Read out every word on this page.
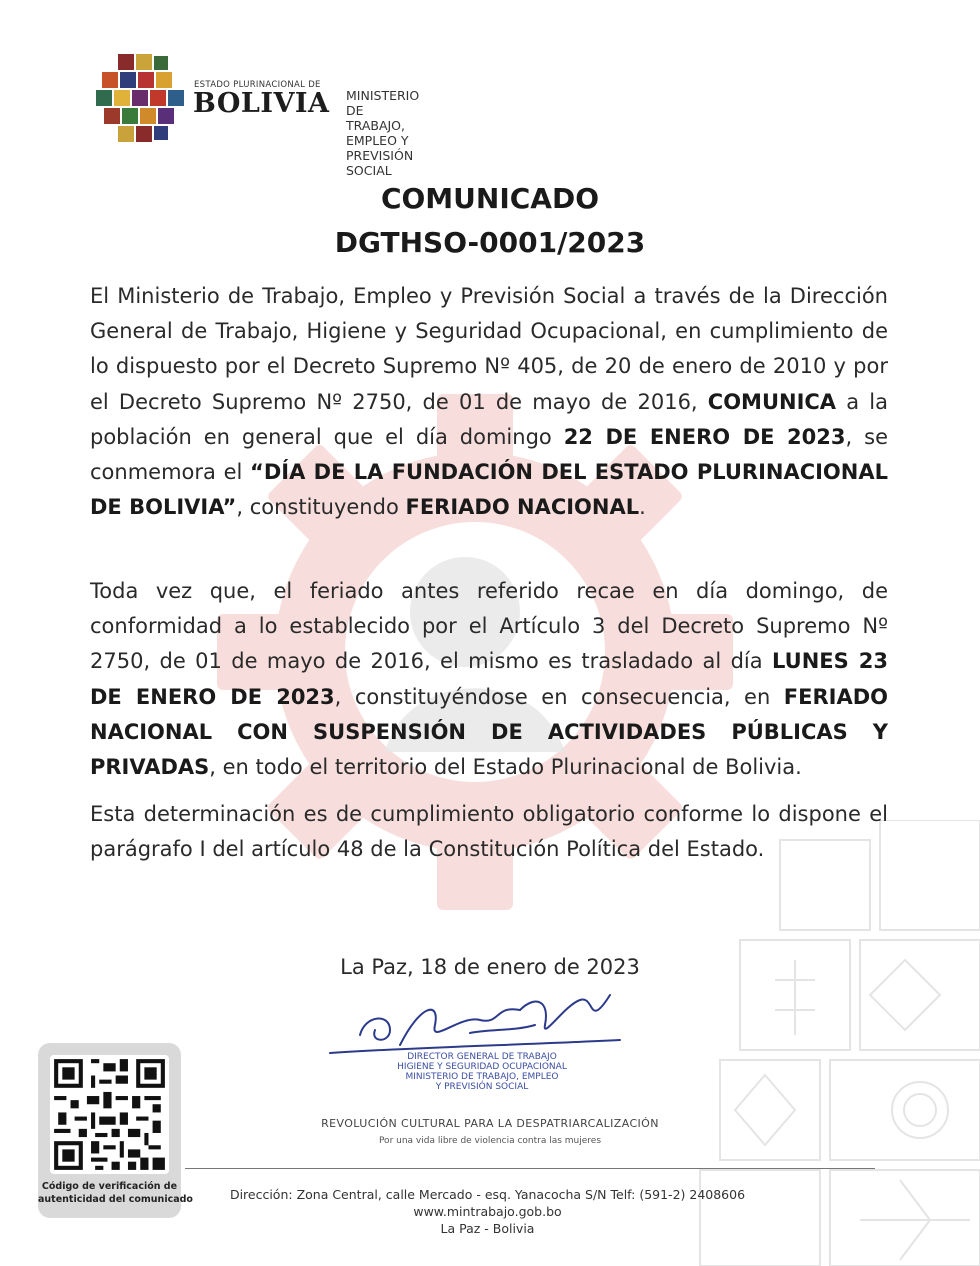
ESTADO PLURINACIONAL DE
BOLIVIA MINISTERIO DE TRABAJO,
EMPLEO Y PREVISIÓN SOCIAL
COMUNICADO
DGTHSO-0001/2023
El Ministerio de Trabajo, Empleo y Previsión Social a través de la Dirección General de Trabajo, Higiene y Seguridad Ocupacional, en cumplimiento de lo dispuesto por el Decreto Supremo Nº 405, de 20 de enero de 2010 y por el Decreto Supremo Nº 2750, de 01 de mayo de 2016, COMUNICA a la población en general que el día domingo 22 DE ENERO DE 2023, se conmemora el “DÍA DE LA FUNDACIÓN DEL ESTADO PLURINACIONAL DE BOLIVIA”, constituyendo FERIADO NACIONAL.
Toda vez que, el feriado antes referido recae en día domingo, de conformidad a lo establecido por el Artículo 3 del Decreto Supremo Nº 2750, de 01 de mayo de 2016, el mismo es trasladado al día LUNES 23 DE ENERO DE 2023, constituyéndose en consecuencia, en FERIADO NACIONAL CON SUSPENSIÓN DE ACTIVIDADES PÚBLICAS Y PRIVADAS, en todo el territorio del Estado Plurinacional de Bolivia.
Esta determinación es de cumplimiento obligatorio conforme lo dispone el parágrafo I del artículo 48 de la Constitución Política del Estado.
La Paz, 18 de enero de 2023
DIRECTOR GENERAL DE TRABAJO
HIGIENE Y SEGURIDAD OCUPACIONAL
MINISTERIO DE TRABAJO, EMPLEO
Y PREVISIÓN SOCIAL
REVOLUCIÓN CULTURAL PARA LA DESPATRIARCALIZACIÓN
Por una vida libre de violencia contra las mujeres
Código de verificación de
autenticidad del comunicado	Dirección: Zona Central, calle Mercado - esq. Yanacocha S/N Telf: (591-2) 2408606
www.mintrabajo.gob.bo
La Paz - Bolivia
